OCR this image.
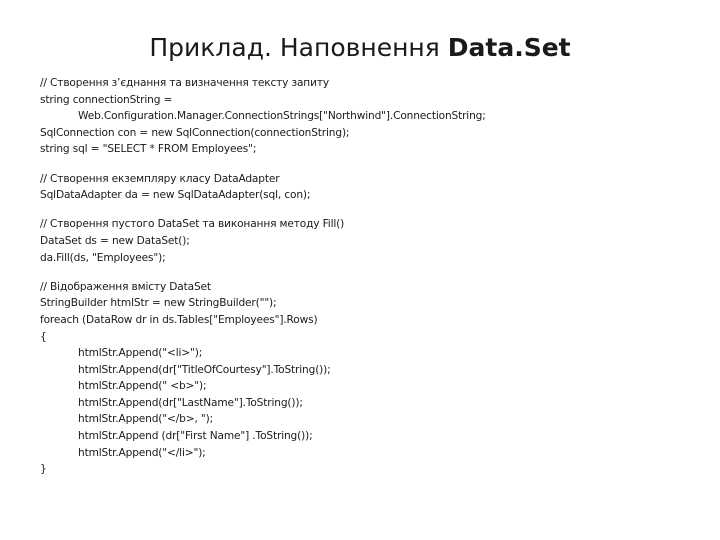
Приклад. Наповнення Data.Set
// Створення з’єднання та визначення тексту запиту
string connectionString =
Web.Configuration.Manager.ConnectionStrings["Northwind"].ConnectionString;
SqlConnection con = new SqlConnection(connectionString);
string sql = "SELECT * FROM Employees";
// Створення екземпляру класу DataAdapter
SqlDataAdapter da = new SqlDataAdapter(sql, con);
// Створення пустого DataSet та виконання методу Fill()
DataSet ds = new DataSet();
da.Fill(ds, "Employees");
// Відображення вмісту DataSet
StringBuilder htmlStr = new StringBuilder("");
foreach (DataRow dr in ds.Tables["Employees"].Rows)
{
htmlStr.Append("<li>");
htmlStr.Append(dr["TitleOfCourtesy"].ToString());
htmlStr.Append(" <b>");
htmlStr.Append(dr["LastName"].ToString());
htmlStr.Append("</b>, ");
htmlStr.Append (dr["First Name"] .ToString());
htmlStr.Append("</li>");
}
